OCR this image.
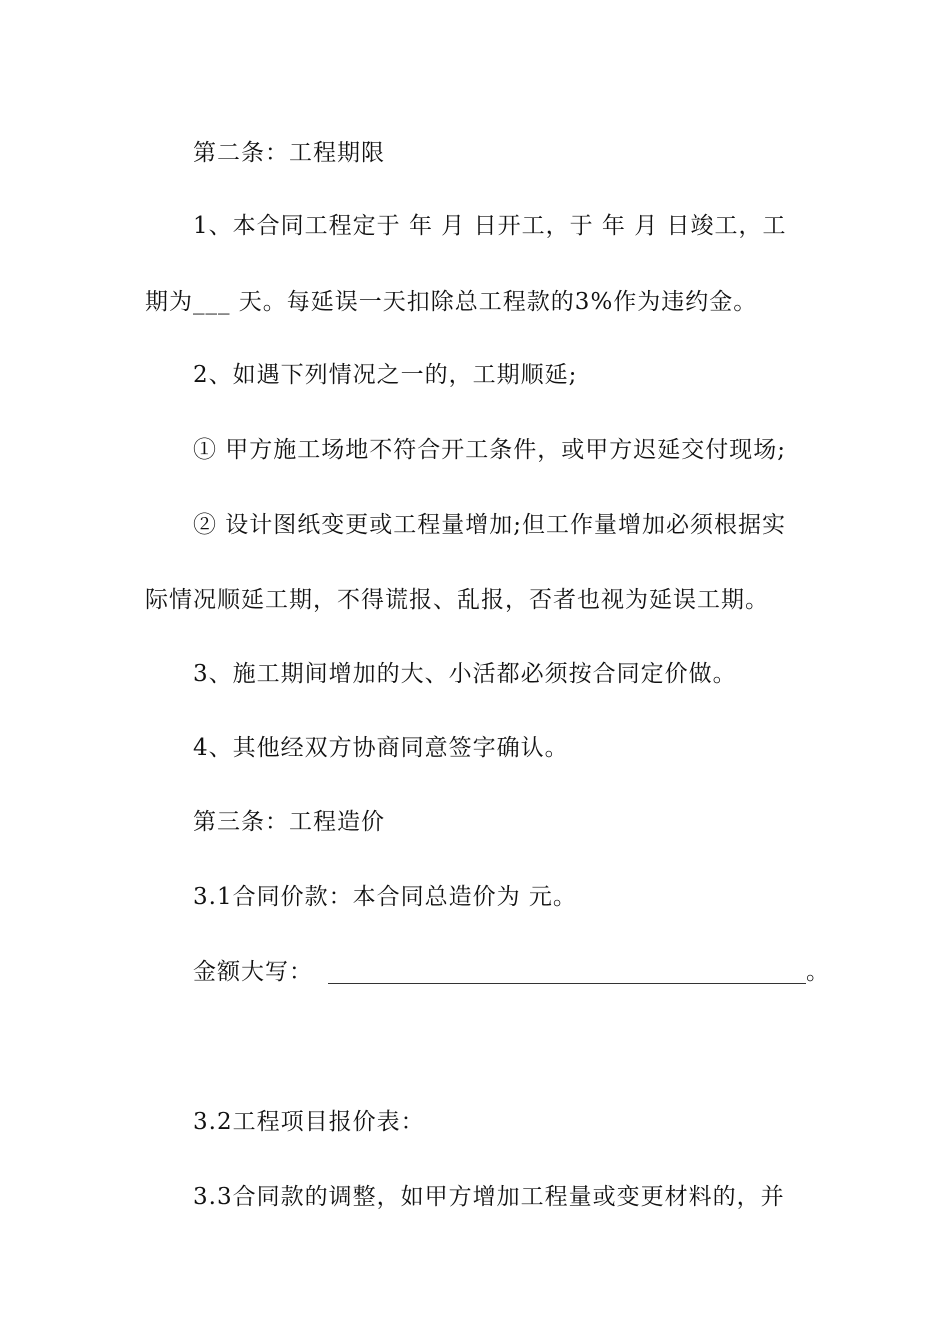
第二条：工程期限
1、本合同工程定于 年 月 日开工，于 年 月 日竣工，工
期为___ 天。每延误一天扣除总工程款的3%作为违约金。
2、如遇下列情况之一的，工期顺延;
① 甲方施工场地不符合开工条件，或甲方迟延交付现场;
② 设计图纸变更或工程量增加;但工作量增加必须根据实
际情况顺延工期，不得谎报、乱报，否者也视为延误工期。
3、施工期间增加的大、小活都必须按合同定价做。
4、其他经双方协商同意签字确认。
第三条：工程造价
3.1合同价款：本合同总造价为 元。
金额大写：	。
3.2工程项目报价表：
3.3合同款的调整，如甲方增加工程量或变更材料的，并
